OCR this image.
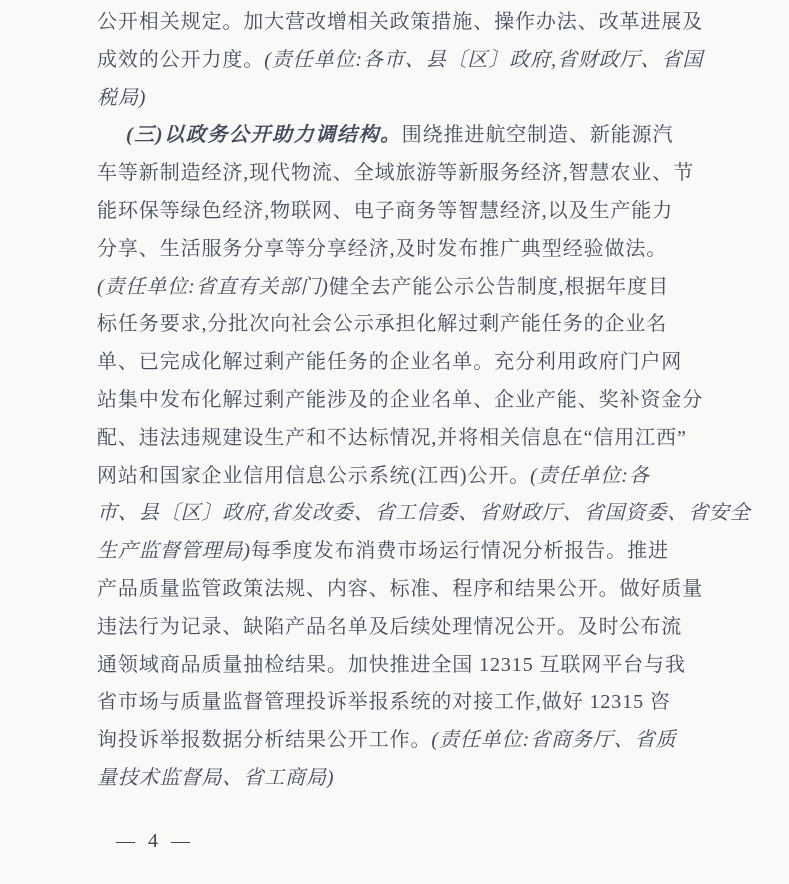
公开相关规定。加大营改增相关政策措施、操作办法、改革进展及
成效的公开力度。(责任单位:各市、县〔区〕政府,省财政厅、省国
税局)
(三)以政务公开助力调结构。围绕推进航空制造、新能源汽
车等新制造经济,现代物流、全域旅游等新服务经济,智慧农业、节
能环保等绿色经济,物联网、电子商务等智慧经济,以及生产能力
分享、生活服务分享等分享经济,及时发布推广典型经验做法。
(责任单位:省直有关部门)健全去产能公示公告制度,根据年度目
标任务要求,分批次向社会公示承担化解过剩产能任务的企业名
单、已完成化解过剩产能任务的企业名单。充分利用政府门户网
站集中发布化解过剩产能涉及的企业名单、企业产能、奖补资金分
配、违法违规建设生产和不达标情况,并将相关信息在“信用江西”
网站和国家企业信用信息公示系统(江西)公开。(责任单位:各
市、县〔区〕政府,省发改委、省工信委、省财政厅、省国资委、省安全
生产监督管理局)每季度发布消费市场运行情况分析报告。推进
产品质量监管政策法规、内容、标准、程序和结果公开。做好质量
违法行为记录、缺陷产品名单及后续处理情况公开。及时公布流
通领域商品质量抽检结果。加快推进全国 12315 互联网平台与我
省市场与质量监督管理投诉举报系统的对接工作,做好 12315 咨
询投诉举报数据分析结果公开工作。(责任单位:省商务厅、省质
量技术监督局、省工商局)
— 4 —
